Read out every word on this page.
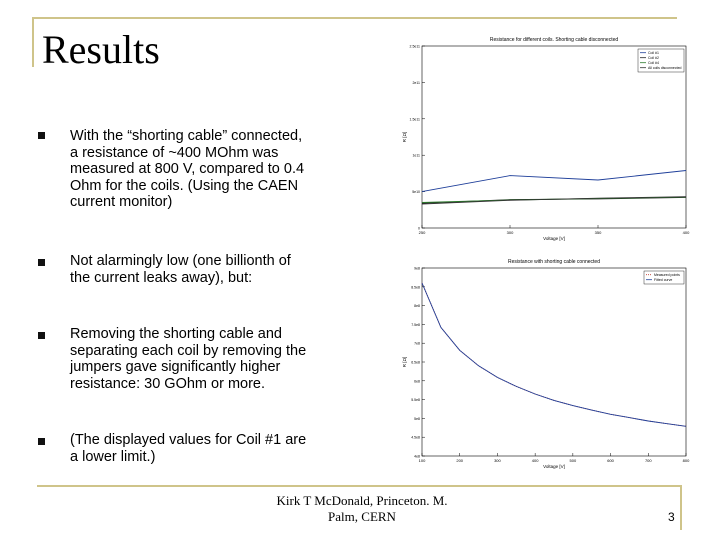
Results
With the “shorting cable” connected, a resistance of ~400 MOhm was measured at 800 V, compared to 0.4 Ohm for the coils. (Using the CAEN current monitor)
Not alarmingly low (one billionth of the current leaks away), but:
Removing the shorting cable and separating each coil by removing the jumpers gave significantly higher resistance: 30 GOhm or more.
(The displayed values for Coil #1 are a lower limit.)
Resistance for different coils. Shorting cable disconnected
250	300	350	400
0
5e10
1e11
1.5e11
2e11
2.5e11
Voltage [V]
R [Ω]
Coil #1
Coil #2
Coil #4
All coils disconnected
Resistance with shorting cable connected
100	200	300	400	500	600	700	800
4e8
4.5e8
5e8
5.5e8
6e8
6.5e8
7e8
7.5e8
8e8
8.5e8
9e8
Voltage [V]
R [Ω]
Measured points
Fitted curve
Kirk T McDonald, Princeton. M. Palm, CERN	3
